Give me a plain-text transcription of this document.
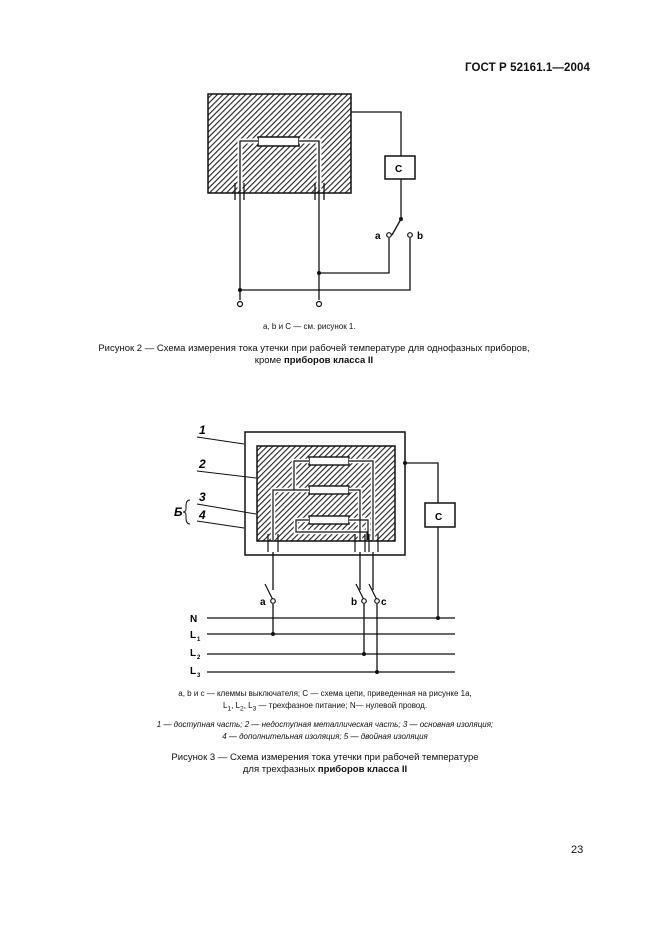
ГОСТ Р 52161.1—2004
C
a	b
a, b и C — см. рисунок 1.
Рисунок 2 — Схема измерения тока утечки при рабочей температуре для однофазных приборов,
кроме приборов класса II
C
1
2
3
4
Б
a	b c
N
L 1
L 2
L 3
а, b и с — клеммы выключателя; С — схема цепи, приведенная на рисунке 1а,
$L_1$, $L_2$, $L_3$ — трехфазное питание; N— нулевой провод.
1 — доступная часть; 2 — недоступная металлическая часть; 3 — основная изоляция;
4 — дополнительная изоляция; 5 — двойная изоляция
Рисунок 3 — Схема измерения тока утечки при рабочей температуре
для трехфазных приборов класса II
23
